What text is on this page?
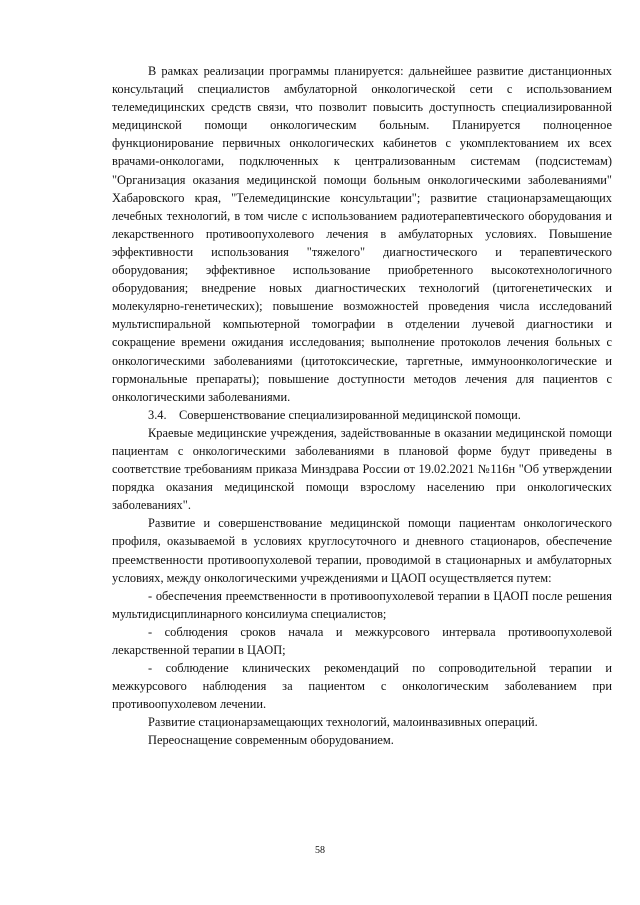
В рамках реализации программы планируется: дальнейшее развитие дистанционных консультаций специалистов амбулаторной онкологической сети с использованием телемедицинских средств связи, что позволит повысить доступность специализированной медицинской помощи онкологическим больным. Планируется полноценное функционирование первичных онкологических кабинетов с укомплектованием их всех врачами-онкологами, подключенных к централизованным системам (подсистемам) "Организация оказания медицинской помощи больным онкологическими заболеваниями" Хабаровского края, "Телемедицинские консультации"; развитие стационарзамещающих лечебных технологий, в том числе с использованием радиотерапевтического оборудования и лекарственного противоопухолевого лечения в амбулаторных условиях. Повышение эффективности использования "тяжелого" диагностического и терапевтического оборудования; эффективное использование приобретенного высокотехнологичного оборудования; внедрение новых диагностических технологий (цитогенетических и молекулярно-генетических); повышение возможностей проведения числа исследований мультиспиральной компьютерной томографии в отделении лучевой диагностики и сокращение времени ожидания исследования; выполнение протоколов лечения больных с онкологическими заболеваниями (цитотоксические, таргетные, иммуноонкологические и гормональные препараты); повышение доступности методов лечения для пациентов с онкологическими заболеваниями.

3.4. Совершенствование специализированной медицинской помощи.

Краевые медицинские учреждения, задействованные в оказании медицинской помощи пациентам с онкологическими заболеваниями в плановой форме будут приведены в соответствие требованиям приказа Минздрава России от 19.02.2021 №116н "Об утверждении порядка оказания медицинской помощи взрослому населению при онкологических заболеваниях".

Развитие и совершенствование медицинской помощи пациентам онкологического профиля, оказываемой в условиях круглосуточного и дневного стационаров, обеспечение преемственности противоопухолевой терапии, проводимой в стационарных и амбулаторных условиях, между онкологическими учреждениями и ЦАОП осуществляется путем:

- обеспечения преемственности в противоопухолевой терапии в ЦАОП после решения мультидисциплинарного консилиума специалистов;

- соблюдения сроков начала и межкурсового интервала противоопухолевой лекарственной терапии в ЦАОП;

- соблюдение клинических рекомендаций по сопроводительной терапии и межкурсового наблюдения за пациентом с онкологическим заболеванием при противоопухолевом лечении.

Развитие стационарзамещающих технологий, малоинвазивных операций.

Переоснащение современным оборудованием.

58
